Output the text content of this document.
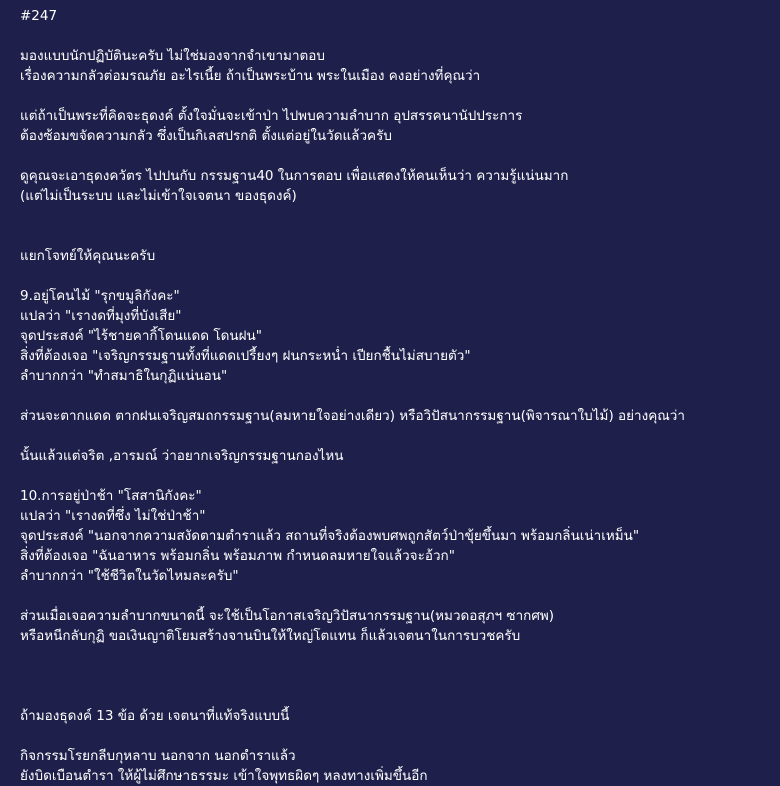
#247
มองแบบนักปฏิบัตินะครับ ไม่ใช่มองจากจำเขามาตอบ
เรื่องความกลัวต่อมรณภัย อะไรเนี้ย ถ้าเป็นพระบ้าน พระในเมือง คงอย่างที่คุณว่า
แต่ถ้าเป็นพระที่คิดจะธุดงค์ ตั้งใจมั่นจะเข้าป่า ไปพบความลำบาก อุปสรรคนานัปประการ
ต้องซ้อมขจัดความกลัว ซึ่งเป็นกิเลสปรกติ ตั้งแต่อยู่ในวัดแล้วครับ
ดูคุณจะเอาธุดงควัตร ไปปนกับ กรรมฐาน40 ในการตอบ เพื่อแสดงให้คนเห็นว่า ความรู้แน่นมาก
(แต่ไม่เป็นระบบ และไม่เข้าใจเจตนา ของธุดงค์)
แยกโจทย์ให้คุณนะครับ
9.อยู่โคนไม้ "รุกขมูลิกังคะ"
แปลว่า "เรางดที่มุงที่บังเสีย"
จุดประสงค์ "ไร้ชายคากิ้โดนแดด โดนฝน"
สิ่งที่ต้องเจอ "เจริญกรรมฐานทั้งที่แดดเปรี้ยงๆ ฝนกระหน่ำ เปียกชื้นไม่สบายตัว"
ลำบากกว่า "ทำสมาธิในกุฏิแน่นอน"
ส่วนจะตากแดด ตากฝนเจริญสมถกรรมฐาน(ลมหายใจอย่างเดียว) หรือวิปัสนากรรมฐาน(พิจารณาใบไม้) อย่างคุณว่า
นั้นแล้วแต่จริต ,อารมณ์ ว่าอยากเจริญกรรมฐานกองไหน
10.การอยู่ป่าช้า "โสสานิกังคะ"
แปลว่า "เรางดที่ซึ่ง ไม่ใช่ป่าช้า"
จุดประสงค์ "นอกจากความสงัดตามตำราแล้ว สถานที่จริงต้องพบศพถูกสัตว์ป่าขุ้ยขึ้นมา พร้อมกลิ่นเน่าเหม็น"
สิ่งที่ต้องเจอ "ฉันอาหาร พร้อมกลิ่น พร้อมภาพ กำหนดลมหายใจแล้วจะอ้วก"
ลำบากกว่า "ใช้ชีวิตในวัดไหมละครับ"
ส่วนเมื่อเจอความลำบากขนาดนี้ จะใช้เป็นโอกาสเจริญวิปัสนากรรมฐาน(หมวดอสุภฯ ซากศพ)
หรือหนีกลับกุฏิ ขอเงินญาติโยมสร้างจานบินให้ใหญ่โตแทน ก็แล้วเจตนาในการบวชครับ
ถ้ามองธุดงค์ 13 ข้อ ด้วย เจตนาที่แท้จริงแบบนี้
กิจกรรมโรยกลีบกุหลาบ นอกจาก นอกตำราแล้ว
ยังบิดเบือนตำรา ให้ผู้ไม่ศึกษาธรรมะ เข้าใจพุทธผิดๆ หลงทางเพิ่มขึ้นอีก
